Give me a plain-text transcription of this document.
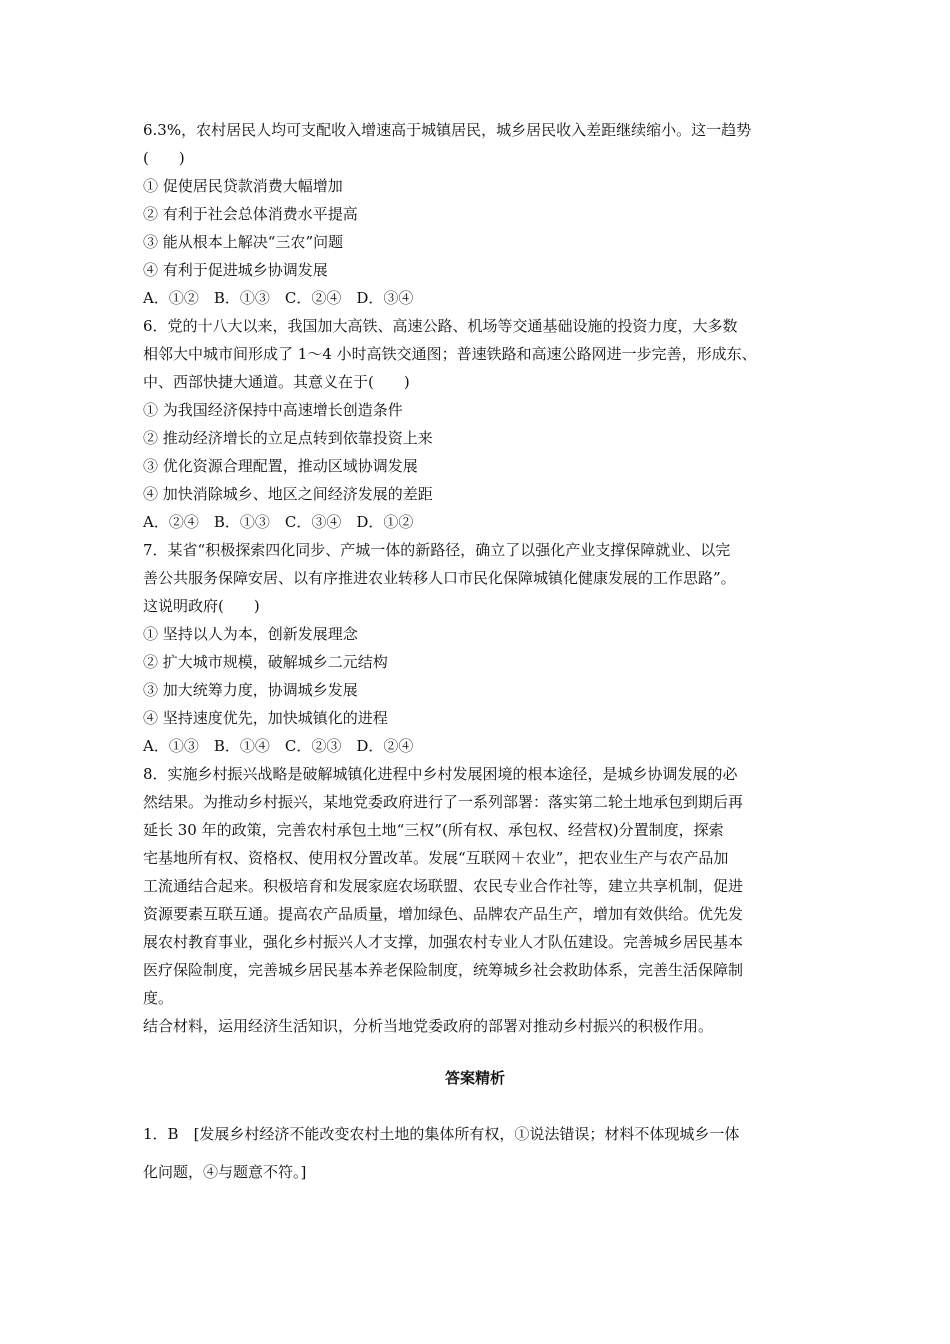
6.3%，农村居民人均可支配收入增速高于城镇居民，城乡居民收入差距继续缩小。这一趋势
(　　)
① 促使居民贷款消费大幅增加
② 有利于社会总体消费水平提高
③ 能从根本上解决“三农”问题
④ 有利于促进城乡协调发展
A．①②　B．①③　C．②④　D．③④
6．党的十八大以来，我国加大高铁、高速公路、机场等交通基础设施的投资力度，大多数
相邻大中城市间形成了 1～4 小时高铁交通图；普速铁路和高速公路网进一步完善，形成东、
中、西部快捷大通道。其意义在于(　　)
① 为我国经济保持中高速增长创造条件
② 推动经济增长的立足点转到依靠投资上来
③ 优化资源合理配置，推动区域协调发展
④ 加快消除城乡、地区之间经济发展的差距
A．②④　B．①③　C．③④　D．①②
7．某省“积极探索四化同步、产城一体的新路径，确立了以强化产业支撑保障就业、以完
善公共服务保障安居、以有序推进农业转移人口市民化保障城镇化健康发展的工作思路”。
这说明政府(　　)
① 坚持以人为本，创新发展理念
② 扩大城市规模，破解城乡二元结构
③ 加大统筹力度，协调城乡发展
④ 坚持速度优先，加快城镇化的进程
A．①③　B．①④　C．②③　D．②④
8．实施乡村振兴战略是破解城镇化进程中乡村发展困境的根本途径，是城乡协调发展的必
然结果。为推动乡村振兴，某地党委政府进行了一系列部署：落实第二轮土地承包到期后再
延长 30 年的政策，完善农村承包土地“三权”(所有权、承包权、经营权)分置制度，探索
宅基地所有权、资格权、使用权分置改革。发展“互联网＋农业”，把农业生产与农产品加
工流通结合起来。积极培育和发展家庭农场联盟、农民专业合作社等，建立共享机制，促进
资源要素互联互通。提高农产品质量，增加绿色、品牌农产品生产，增加有效供给。优先发
展农村教育事业，强化乡村振兴人才支撑，加强农村专业人才队伍建设。完善城乡居民基本
医疗保险制度，完善城乡居民基本养老保险制度，统筹城乡社会救助体系，完善生活保障制
度。
结合材料，运用经济生活知识，分析当地党委政府的部署对推动乡村振兴的积极作用。
答案精析
1．B　[发展乡村经济不能改变农村土地的集体所有权，①说法错误；材料不体现城乡一体
化问题，④与题意不符。]
